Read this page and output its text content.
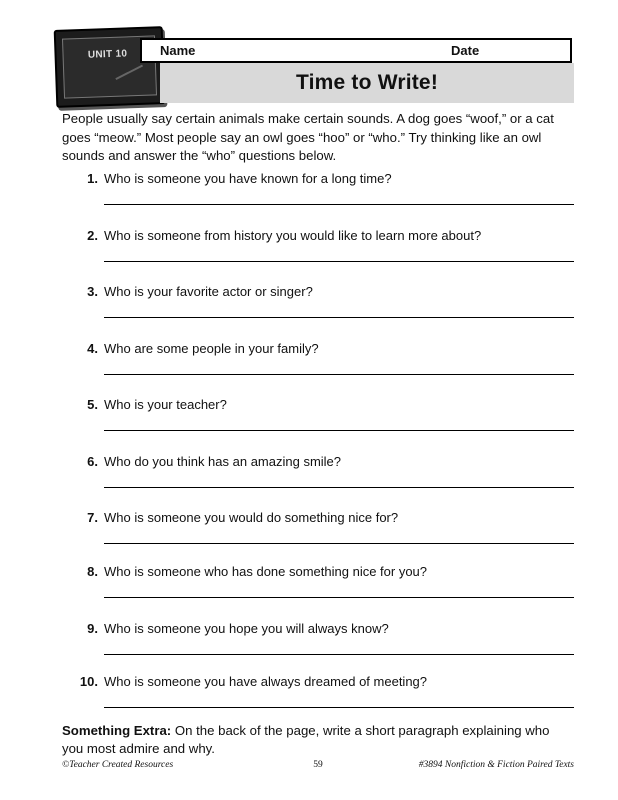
UNIT 10	Name	Date
Time to Write!

People usually say certain animals make certain sounds. A dog goes “woof,” or a cat goes “meow.” Most people say an owl goes “hoo” or “who.” Try thinking like an owl sounds and answer the “who” questions below.

1. Who is someone you have known for a long time?
2. Who is someone from history you would like to learn more about?
3. Who is your favorite actor or singer?
4. Who are some people in your family?
5. Who is your teacher?
6. Who do you think has an amazing smile?
7. Who is someone you would do something nice for?
8. Who is someone who has done something nice for you?
9. Who is someone you hope you will always know?
10. Who is someone you have always dreamed of meeting?

Something Extra: On the back of the page, write a short paragraph explaining who you most admire and why.

©Teacher Created Resources	59	#3894 Nonfiction & Fiction Paired Texts
